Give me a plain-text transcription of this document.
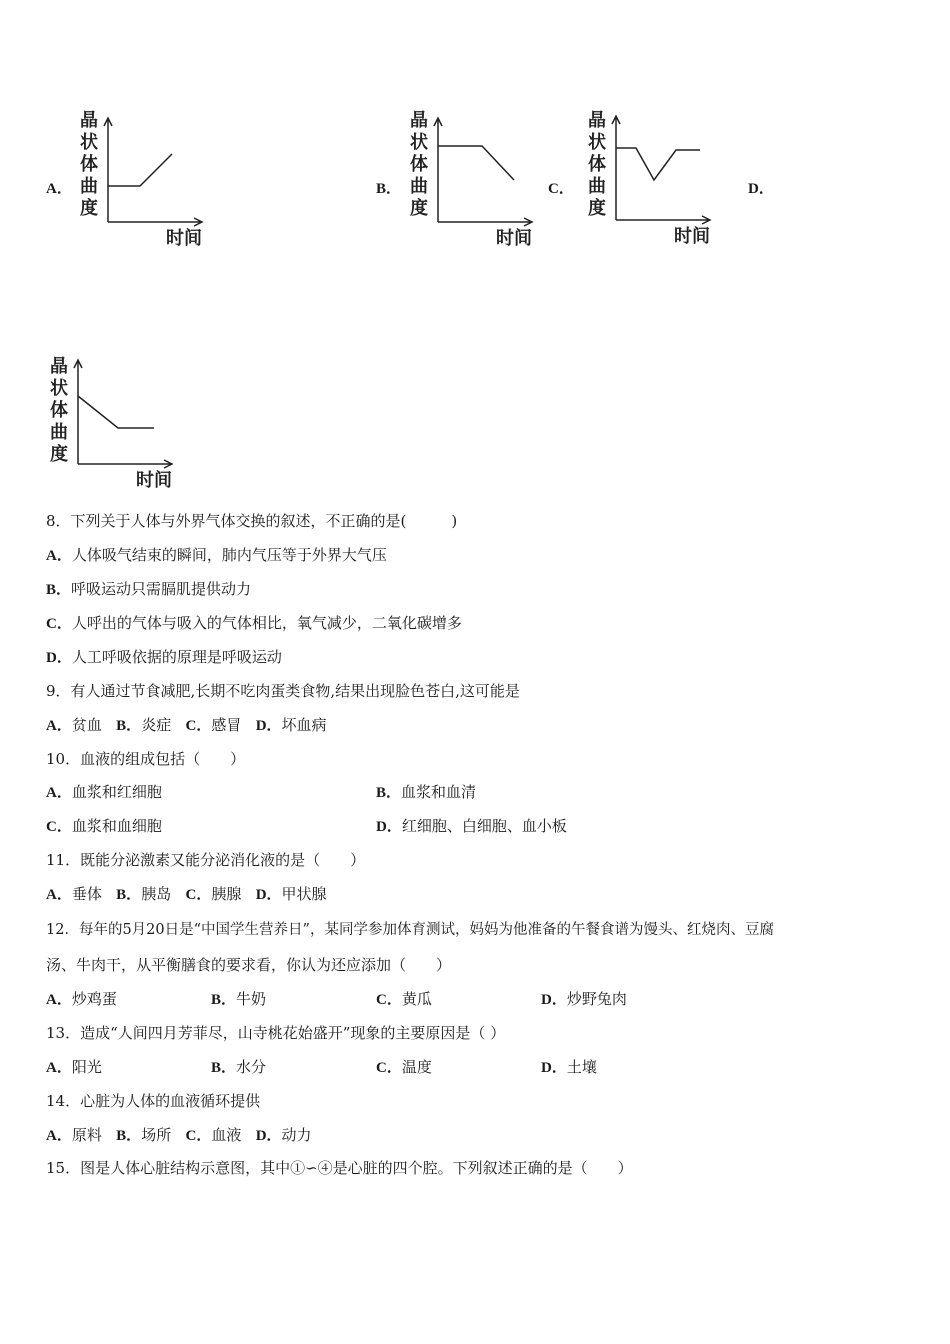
A．	B．	C．	D．
晶
状
体
曲
度
时间
晶
状
体
曲
度
时间
晶
状
体
曲
度
时间
晶
状
体
曲
度
时间
8．下列关于人体与外界气体交换的叙述，不正确的是(　　　)
A．人体吸气结束的瞬间，肺内气压等于外界大气压
B．呼吸运动只需膈肌提供动力
C．人呼出的气体与吸入的气体相比，氧气减少，二氧化碳增多
D．人工呼吸依据的原理是呼吸运动
9．有人通过节食减肥,长期不吃肉蛋类食物,结果出现脸色苍白,这可能是
A．贫血 B．炎症 C．感冒 D．坏血病
10．血液的组成包括（　　）
A．血浆和红细胞	B．血浆和血清
C．血浆和血细胞	D．红细胞、白细胞、血小板
11．既能分泌激素又能分泌消化液的是（　　）
A．垂体 B．胰岛 C．胰腺 D．甲状腺
12．每年的5月20日是“中国学生营养日”，某同学参加体育测试，妈妈为他准备的午餐食谱为馒头、红烧肉、豆腐
汤、牛肉干，从平衡膳食的要求看，你认为还应添加（　　）
A．炒鸡蛋	B．牛奶	C．黄瓜	D．炒野兔肉
13．造成“人间四月芳菲尽，山寺桃花始盛开”现象的主要原因是（ ）
A．阳光	B．水分	C．温度	D．土壤
14．心脏为人体的血液循环提供
A．原料 B．场所 C．血液 D．动力
15．图是人体心脏结构示意图，其中①∽④是心脏的四个腔。下列叙述正确的是（　　）
